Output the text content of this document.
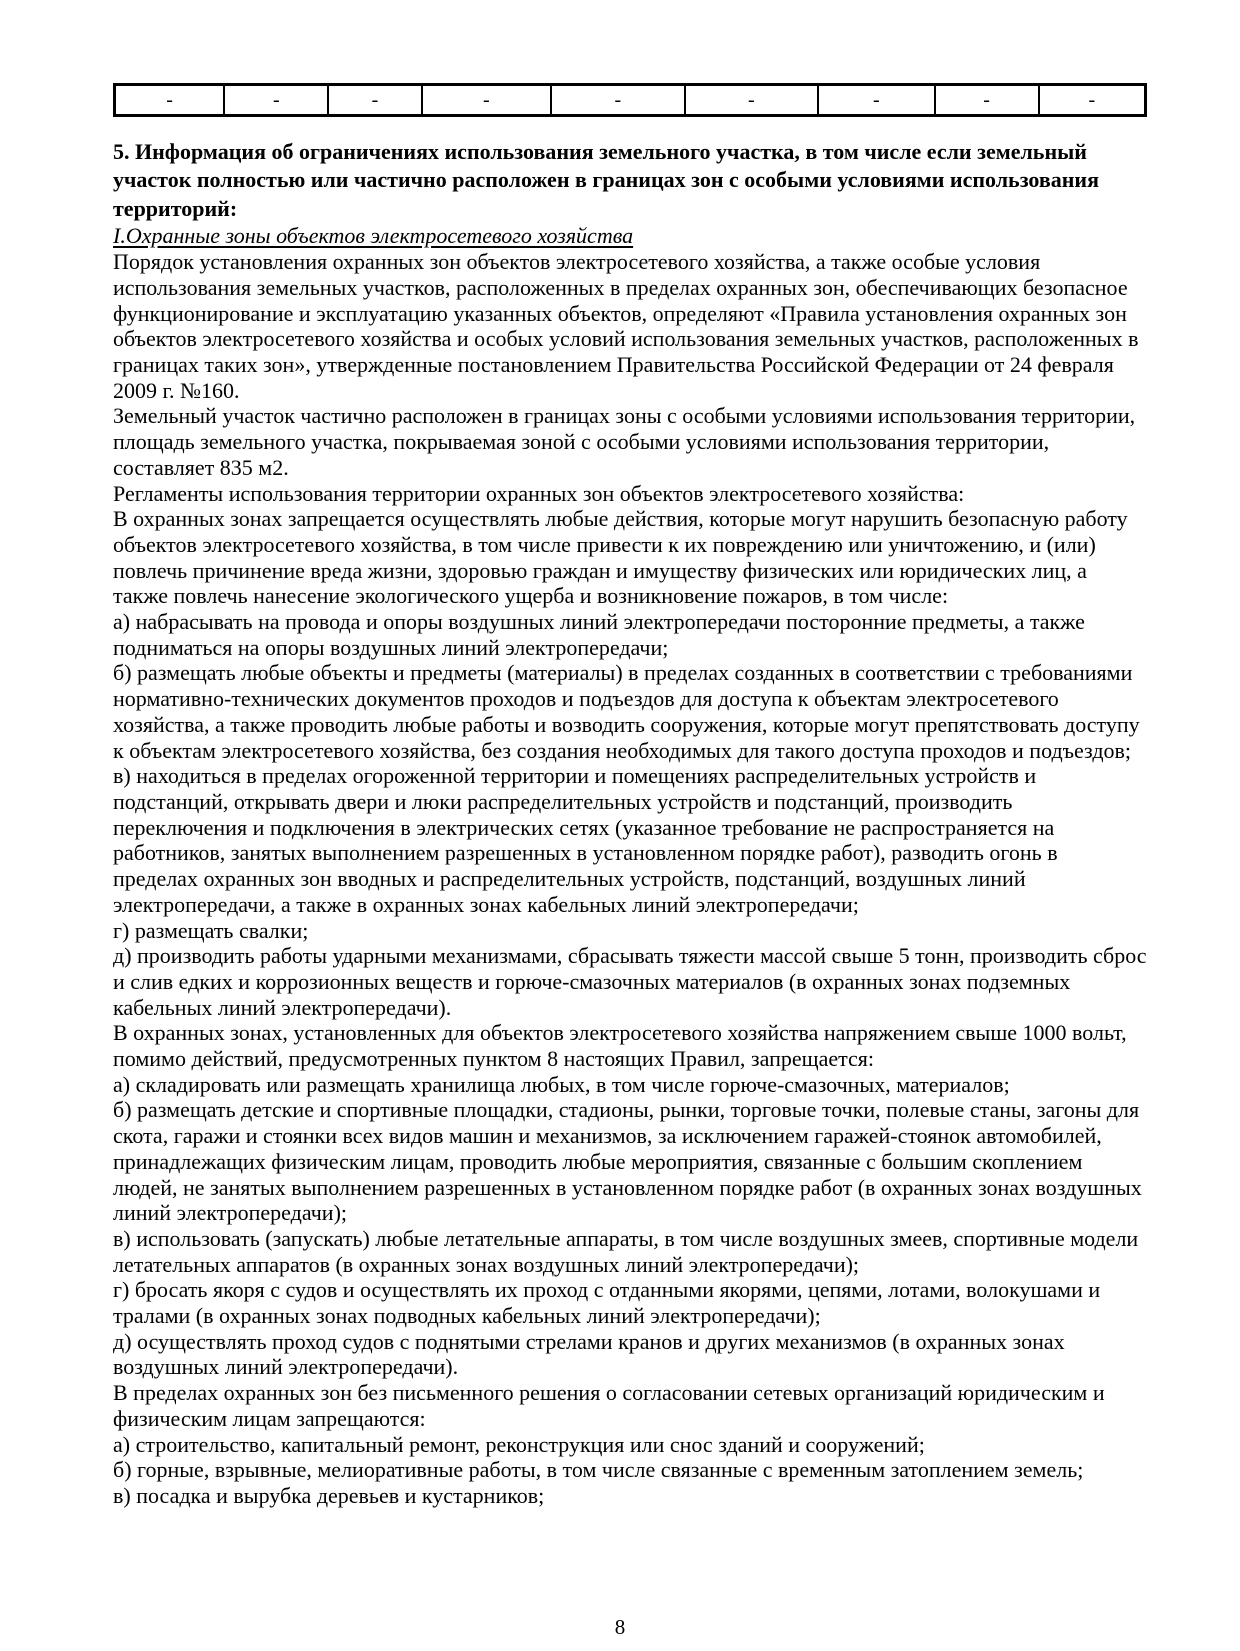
-	-	-	-	-	-	-	-	-

5. Информация об ограничениях использования земельного участка, в том числе если земельный участок полностью или частично расположен в границах зон с особыми условиями использования территорий:

I.Охранные зоны объектов электросетевого хозяйства

Порядок установления охранных зон объектов электросетевого хозяйства, а также особые условия использования земельных участков, расположенных в пределах охранных зон, обеспечивающих безопасное функционирование и эксплуатацию указанных объектов, определяют «Правила установления охранных зон объектов электросетевого хозяйства и особых условий использования земельных участков, расположенных в границах таких зон», утвержденные постановлением Правительства Российской Федерации от 24 февраля 2009 г. №160.

Земельный участок частично расположен в границах зоны с особыми условиями использования территории, площадь земельного участка, покрываемая зоной с особыми условиями использования территории, составляет 835 м2.

Регламенты использования территории охранных зон объектов электросетевого хозяйства:

В охранных зонах запрещается осуществлять любые действия, которые могут нарушить безопасную работу объектов электросетевого хозяйства, в том числе привести к их повреждению или уничтожению, и (или) повлечь причинение вреда жизни, здоровью граждан и имуществу физических или юридических лиц, а также повлечь нанесение экологического ущерба и возникновение пожаров, в том числе:

а) набрасывать на провода и опоры воздушных линий электропередачи посторонние предметы, а также подниматься на опоры воздушных линий электропередачи;

б) размещать любые объекты и предметы (материалы) в пределах созданных в соответствии с требованиями нормативно-технических документов проходов и подъездов для доступа к объектам электросетевого хозяйства, а также проводить любые работы и возводить сооружения, которые могут препятствовать доступу к объектам электросетевого хозяйства, без создания необходимых для такого доступа проходов и подъездов;

в) находиться в пределах огороженной территории и помещениях распределительных устройств и подстанций, открывать двери и люки распределительных устройств и подстанций, производить переключения и подключения в электрических сетях (указанное требование не распространяется на работников, занятых выполнением разрешенных в установленном порядке работ), разводить огонь в пределах охранных зон вводных и распределительных устройств, подстанций, воздушных линий электропередачи, а также в охранных зонах кабельных линий электропередачи;

г) размещать свалки;

д) производить работы ударными механизмами, сбрасывать тяжести массой свыше 5 тонн, производить сброс и слив едких и коррозионных веществ и горюче-смазочных материалов (в охранных зонах подземных кабельных линий электропередачи).

В охранных зонах, установленных для объектов электросетевого хозяйства напряжением свыше 1000 вольт, помимо действий, предусмотренных пунктом 8 настоящих Правил, запрещается:

а) складировать или размещать хранилища любых, в том числе горюче-смазочных, материалов;

б) размещать детские и спортивные площадки, стадионы, рынки, торговые точки, полевые станы, загоны для скота, гаражи и стоянки всех видов машин и механизмов, за исключением гаражей-стоянок автомобилей, принадлежащих физическим лицам, проводить любые мероприятия, связанные с большим скоплением людей, не занятых выполнением разрешенных в установленном порядке работ (в охранных зонах воздушных линий электропередачи);

в) использовать (запускать) любые летательные аппараты, в том числе воздушных змеев, спортивные модели летательных аппаратов (в охранных зонах воздушных линий электропередачи);

г) бросать якоря с судов и осуществлять их проход с отданными якорями, цепями, лотами, волокушами и тралами (в охранных зонах подводных кабельных линий электропередачи);

д) осуществлять проход судов с поднятыми стрелами кранов и других механизмов (в охранных зонах воздушных линий электропередачи).

В пределах охранных зон без письменного решения о согласовании сетевых организаций юридическим и физическим лицам запрещаются:

а) строительство, капитальный ремонт, реконструкция или снос зданий и сооружений;

б) горные, взрывные, мелиоративные работы, в том числе связанные с временным затоплением земель;

в) посадка и вырубка деревьев и кустарников;

8
